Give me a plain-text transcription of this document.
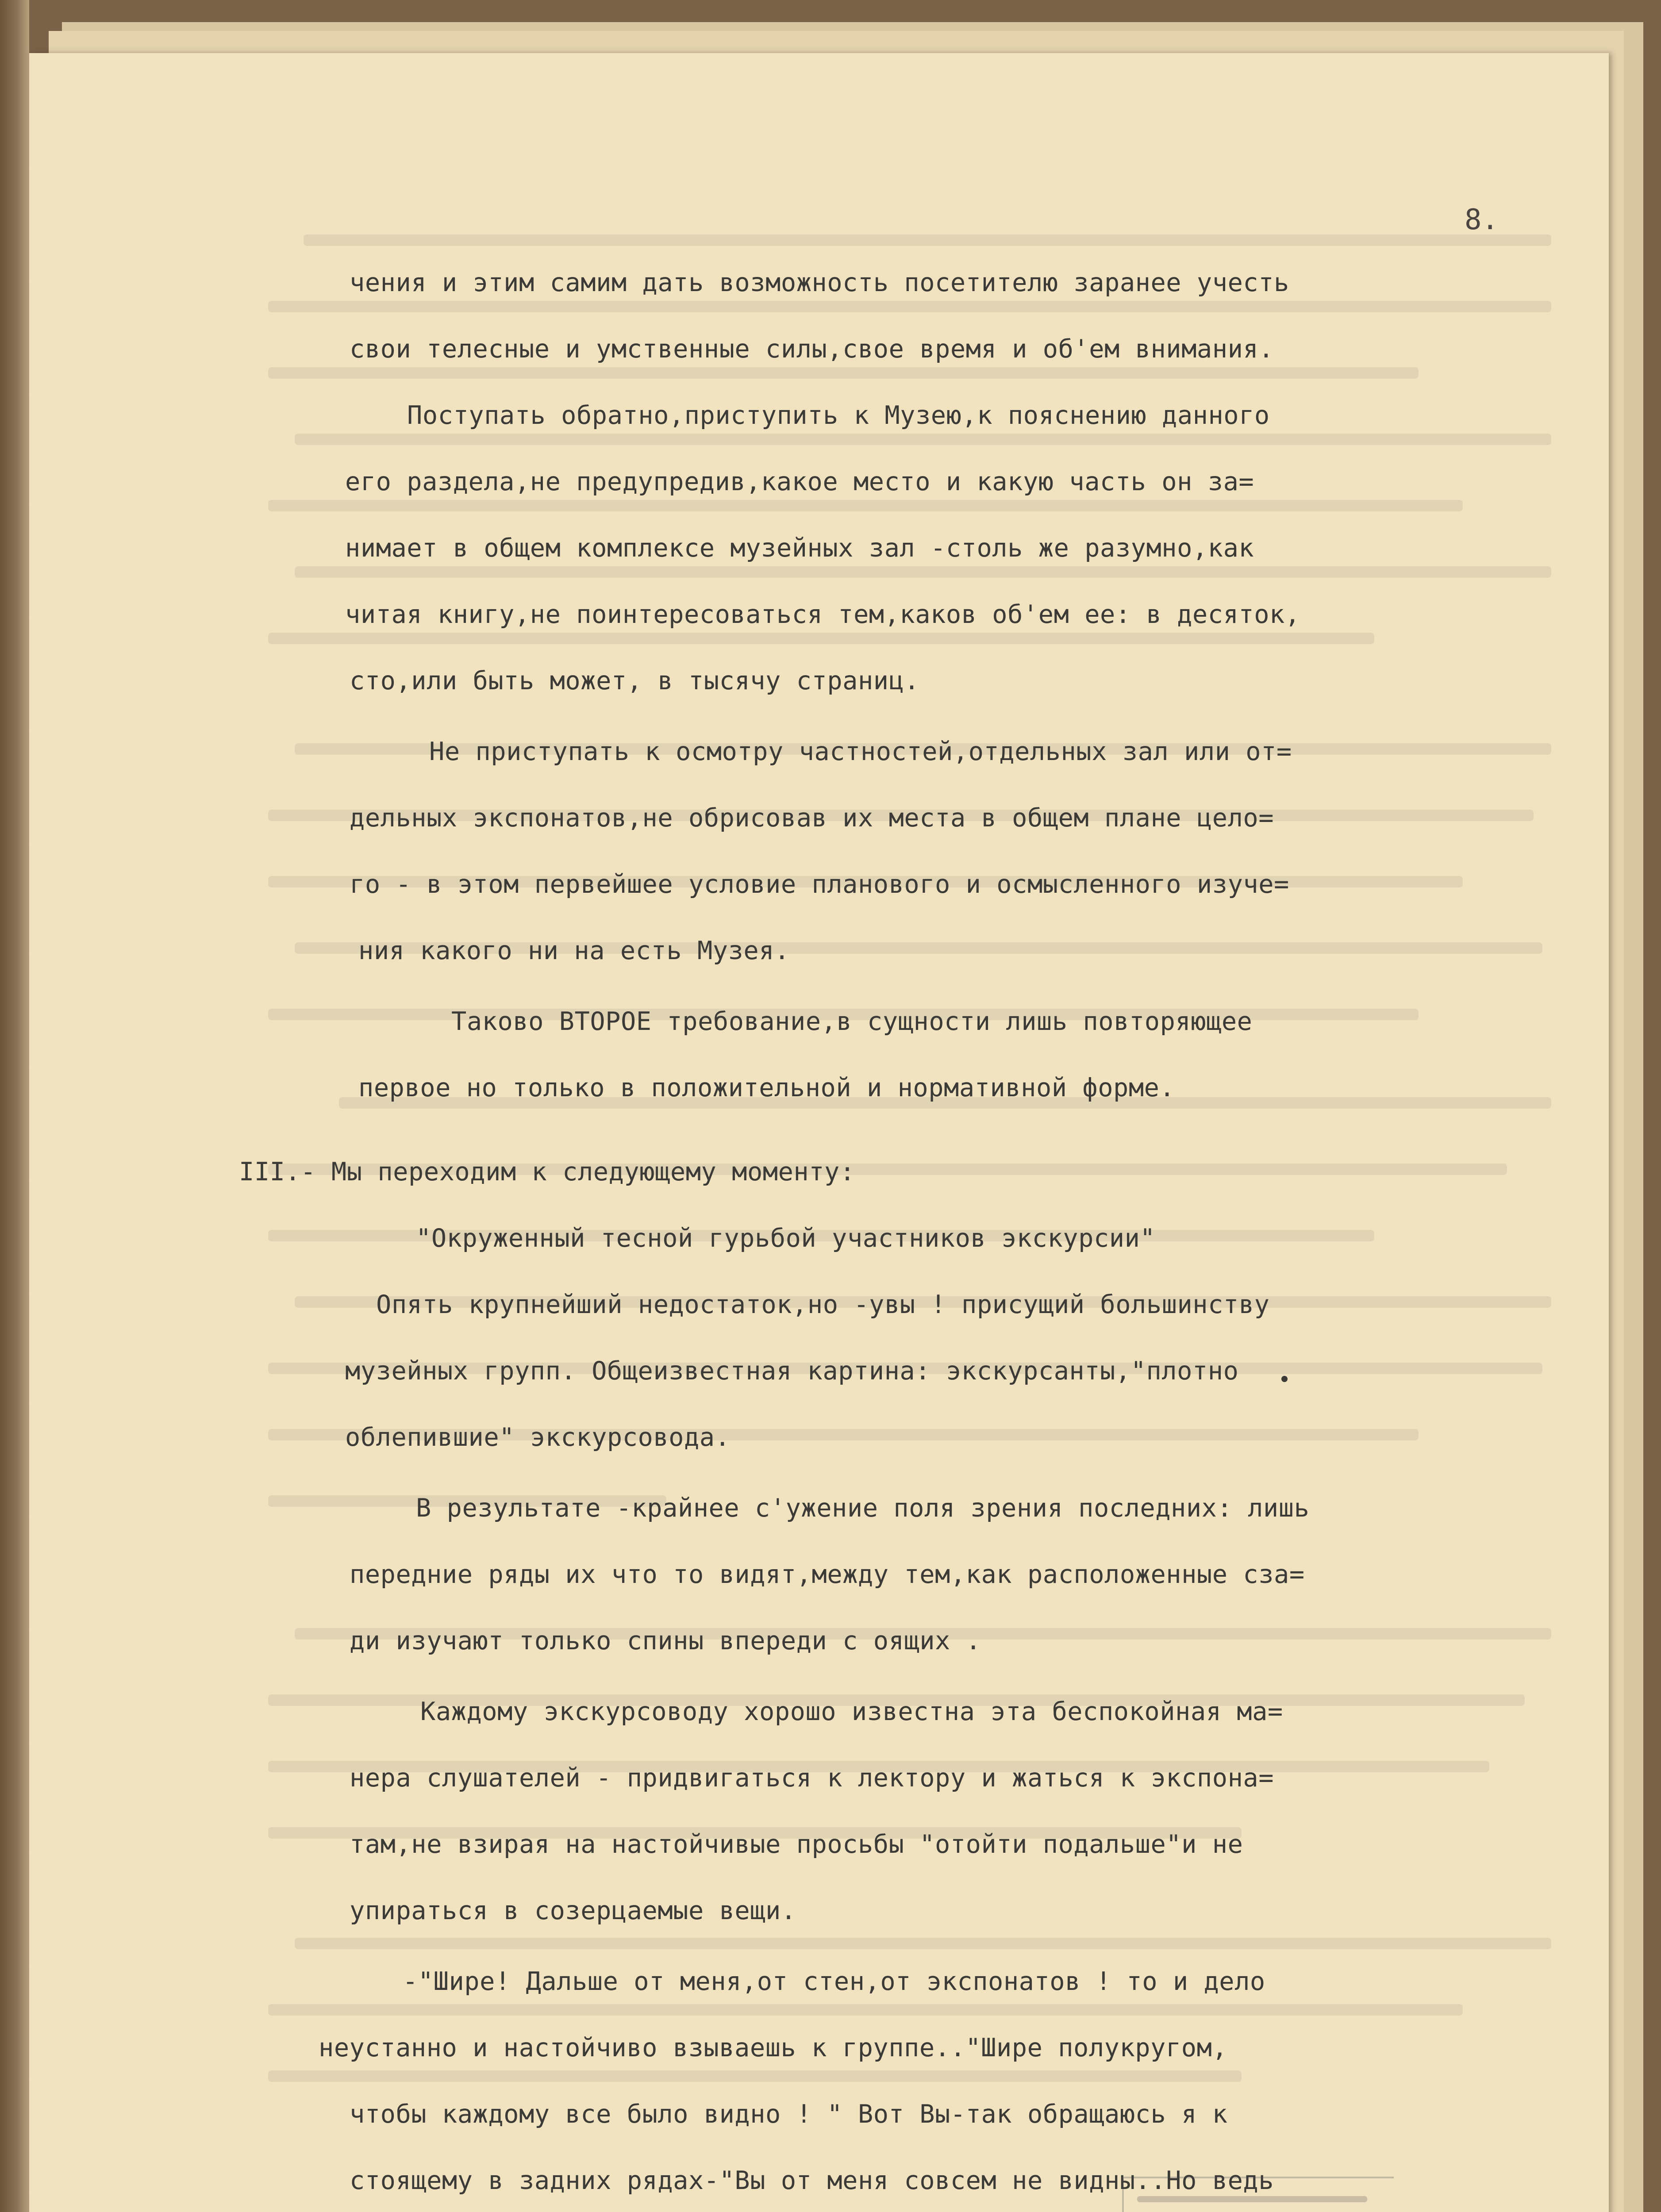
8.

чения и этим самим дать возможность посетителю заранее учесть

свои телесные и умственные силы,свое время и об'ем внимания.

Поступать обратно,приступить к Музею,к пояснению данного

его раздела,не предупредив,какое место и какую часть он за=

нимает в общем комплексе музейных зал -столь же разумно,как

читая книгу,не поинтересоваться тем,каков об'ем ее: в десяток,

сто,или быть может, в тысячу страниц.

Не приступать к осмотру частностей,отдельных зал или от=

дельных экспонатов,не обрисовав их места в общем плане цело=

го - в этом первейшее условие планового и осмысленного изуче=

ния какого ни на есть Музея.

Таково ВТОРОЕ требование,в сущности лишь повторяющее

первое но только в положительной и нормативной форме.

III.- Мы переходим к следующему моменту:

"Окруженный тесной гурьбой участников экскурсии"

Опять крупнейший недостаток,но -увы ! присущий большинству

музейных групп. Общеизвестная картина: экскурсанты,"плотно

облепившие" экскурсовода.

В результате -крайнее с'ужение поля зрения последних: лишь

передние ряды их что то видят,между тем,как расположенные сза=

ди изучают только спины впереди с оящих .

Каждому экскурсоводу хорошо известна эта беспокойная ма=

нера слушателей - придвигаться к лектору и жаться к экспона=

там,не взирая на настойчивые просьбы "отойти подальше"и не

упираться в созерцаемые вещи.

-"Шире! Дальше от меня,от стен,от экспонатов ! то и дело

неустанно и настойчиво взываешь к группе.."Шире полукругом,

чтобы каждому все было видно ! " Вот Вы-так обращаюсь я к

стоящему в задних рядах-"Вы от меня совсем не видны..Но ведь
